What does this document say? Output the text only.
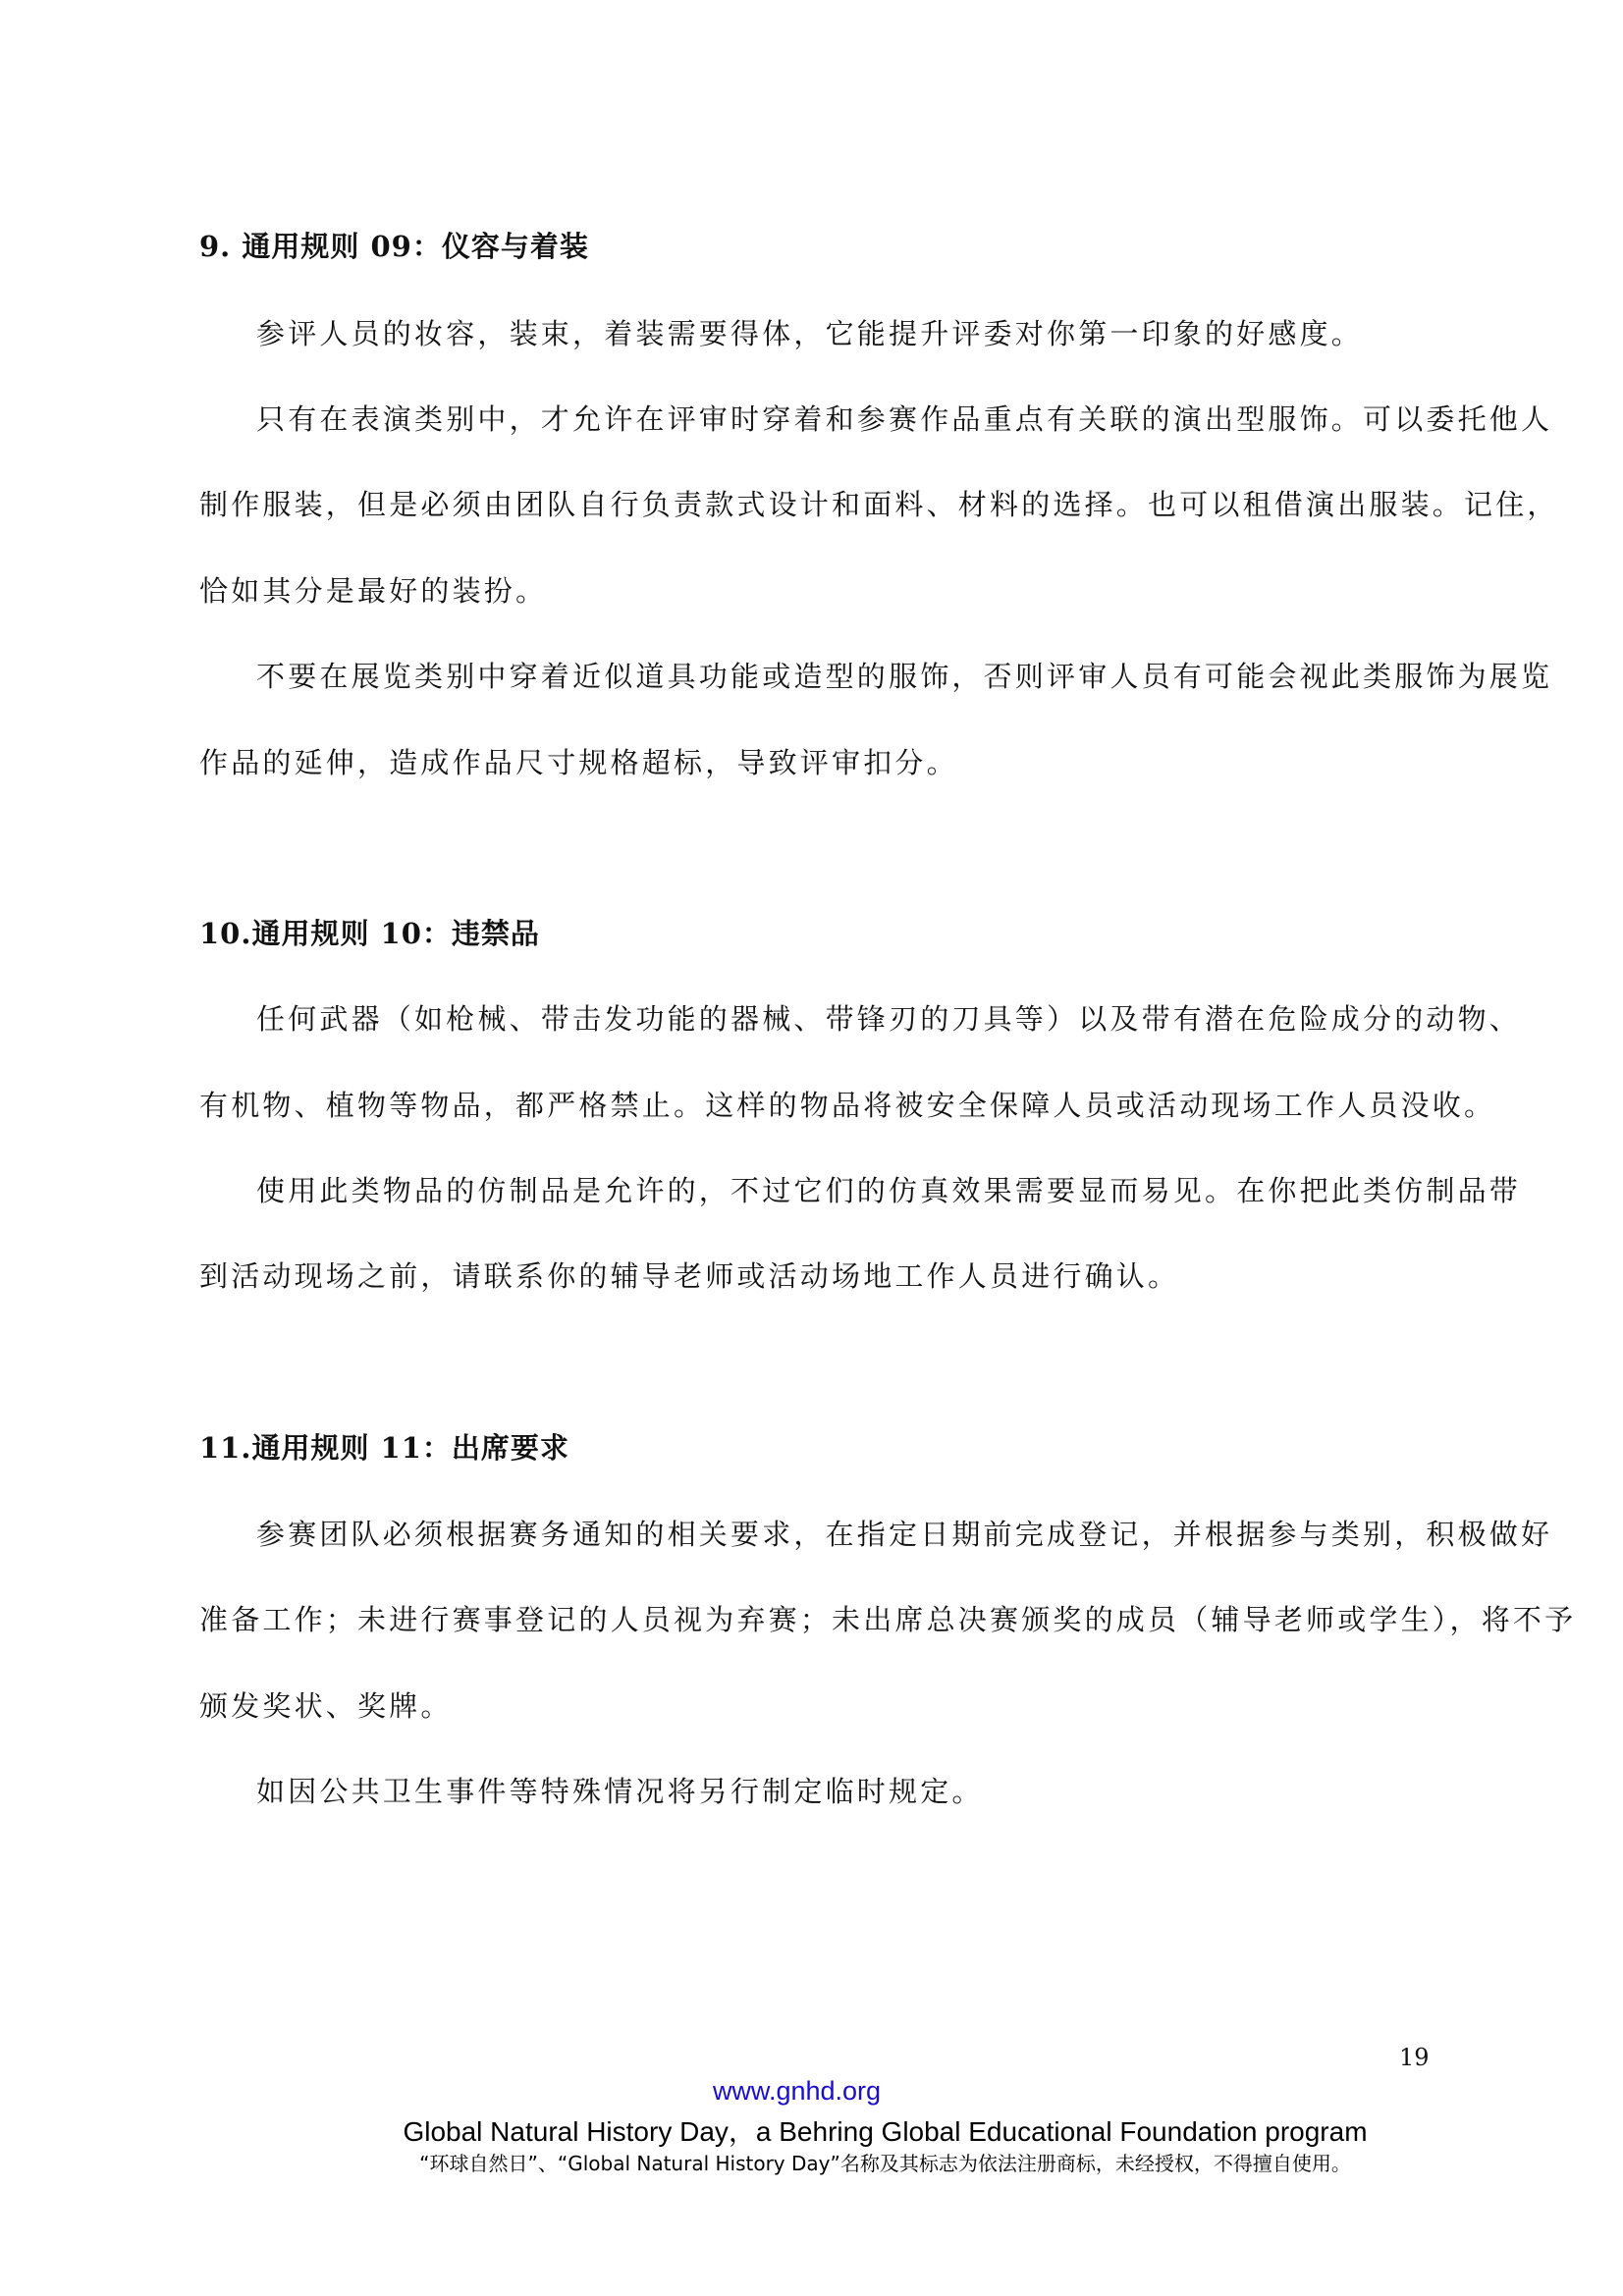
9. 通用规则 09：仪容与着装
参评人员的妆容，装束，着装需要得体，它能提升评委对你第一印象的好感度。
只有在表演类别中，才允许在评审时穿着和参赛作品重点有关联的演出型服饰。可以委托他人
制作服装，但是必须由团队自行负责款式设计和面料、材料的选择。也可以租借演出服装。记住，
恰如其分是最好的装扮。
不要在展览类别中穿着近似道具功能或造型的服饰，否则评审人员有可能会视此类服饰为展览
作品的延伸，造成作品尺寸规格超标，导致评审扣分。
10.通用规则 10：违禁品
任何武器（如枪械、带击发功能的器械、带锋刃的刀具等）以及带有潜在危险成分的动物、
有机物、植物等物品，都严格禁止。这样的物品将被安全保障人员或活动现场工作人员没收。
使用此类物品的仿制品是允许的，不过它们的仿真效果需要显而易见。在你把此类仿制品带
到活动现场之前，请联系你的辅导老师或活动场地工作人员进行确认。
11.通用规则 11：出席要求
参赛团队必须根据赛务通知的相关要求，在指定日期前完成登记，并根据参与类别，积极做好
准备工作；未进行赛事登记的人员视为弃赛；未出席总决赛颁奖的成员（辅导老师或学生），将不予
颁发奖状、奖牌。
如因公共卫生事件等特殊情况将另行制定临时规定。
19
www.gnhd.org
Global Natural History Day，a Behring Global Educational Foundation program
“环球自然日”、“Global Natural History Day”名称及其标志为依法注册商标，未经授权，不得擅自使用。
